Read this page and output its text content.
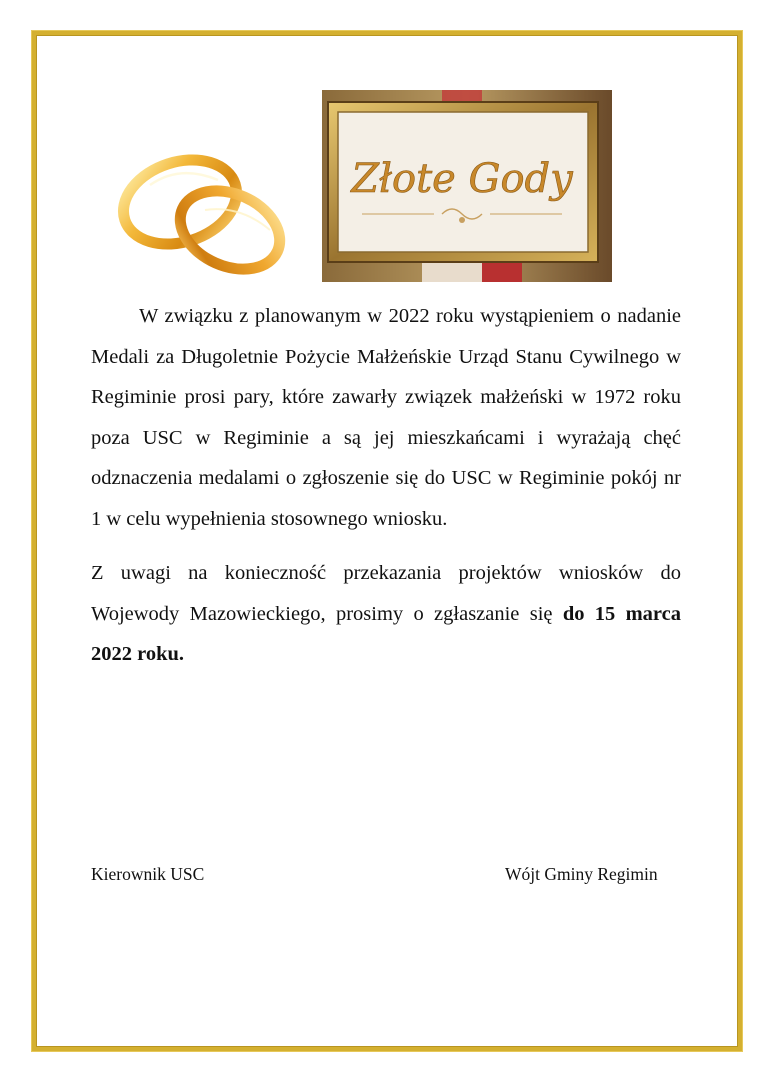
Złote Gody

W związku z planowanym w 2022 roku wystąpieniem o nadanie Medali za Długoletnie Pożycie Małżeńskie Urząd Stanu Cywilnego w Regiminie prosi pary, które zawarły związek małżeński w 1972 roku poza USC w Regiminie a są jej mieszkańcami i wyrażają chęć odznaczenia medalami o zgłoszenie się do USC w Regiminie pokój nr 1 w celu wypełnienia stosownego wniosku.

Z uwagi na konieczność przekazania projektów wniosków do Wojewody Mazowieckiego, prosimy o zgłaszanie się do 15 marca 2022 roku.

Kierownik USC	Wójt Gminy Regimin
